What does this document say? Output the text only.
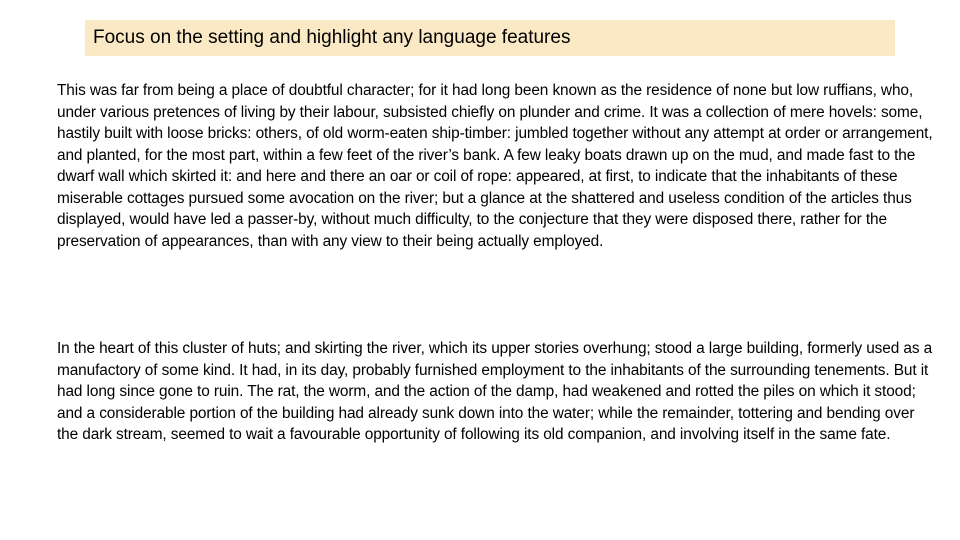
Focus on the setting and highlight any language features

This was far from being a place of doubtful character; for it had long been known as the residence of none but low ruffians, who, under various pretences of living by their labour, subsisted chiefly on plunder and crime. It was a collection of mere hovels: some, hastily built with loose bricks: others, of old worm-eaten ship-timber: jumbled together without any attempt at order or arrangement, and planted, for the most part, within a few feet of the river’s bank. A few leaky boats drawn up on the mud, and made fast to the dwarf wall which skirted it: and here and there an oar or coil of rope: appeared, at first, to indicate that the inhabitants of these miserable cottages pursued some avocation on the river; but a glance at the shattered and useless condition of the articles thus displayed, would have led a passer-by, without much difficulty, to the conjecture that they were disposed there, rather for the preservation of appearances, than with any view to their being actually employed.

In the heart of this cluster of huts; and skirting the river, which its upper stories overhung; stood a large building, formerly used as a manufactory of some kind. It had, in its day, probably furnished employment to the inhabitants of the surrounding tenements. But it had long since gone to ruin. The rat, the worm, and the action of the damp, had weakened and rotted the piles on which it stood; and a considerable portion of the building had already sunk down into the water; while the remainder, tottering and bending over the dark stream, seemed to wait a favourable opportunity of following its old companion, and involving itself in the same fate.
